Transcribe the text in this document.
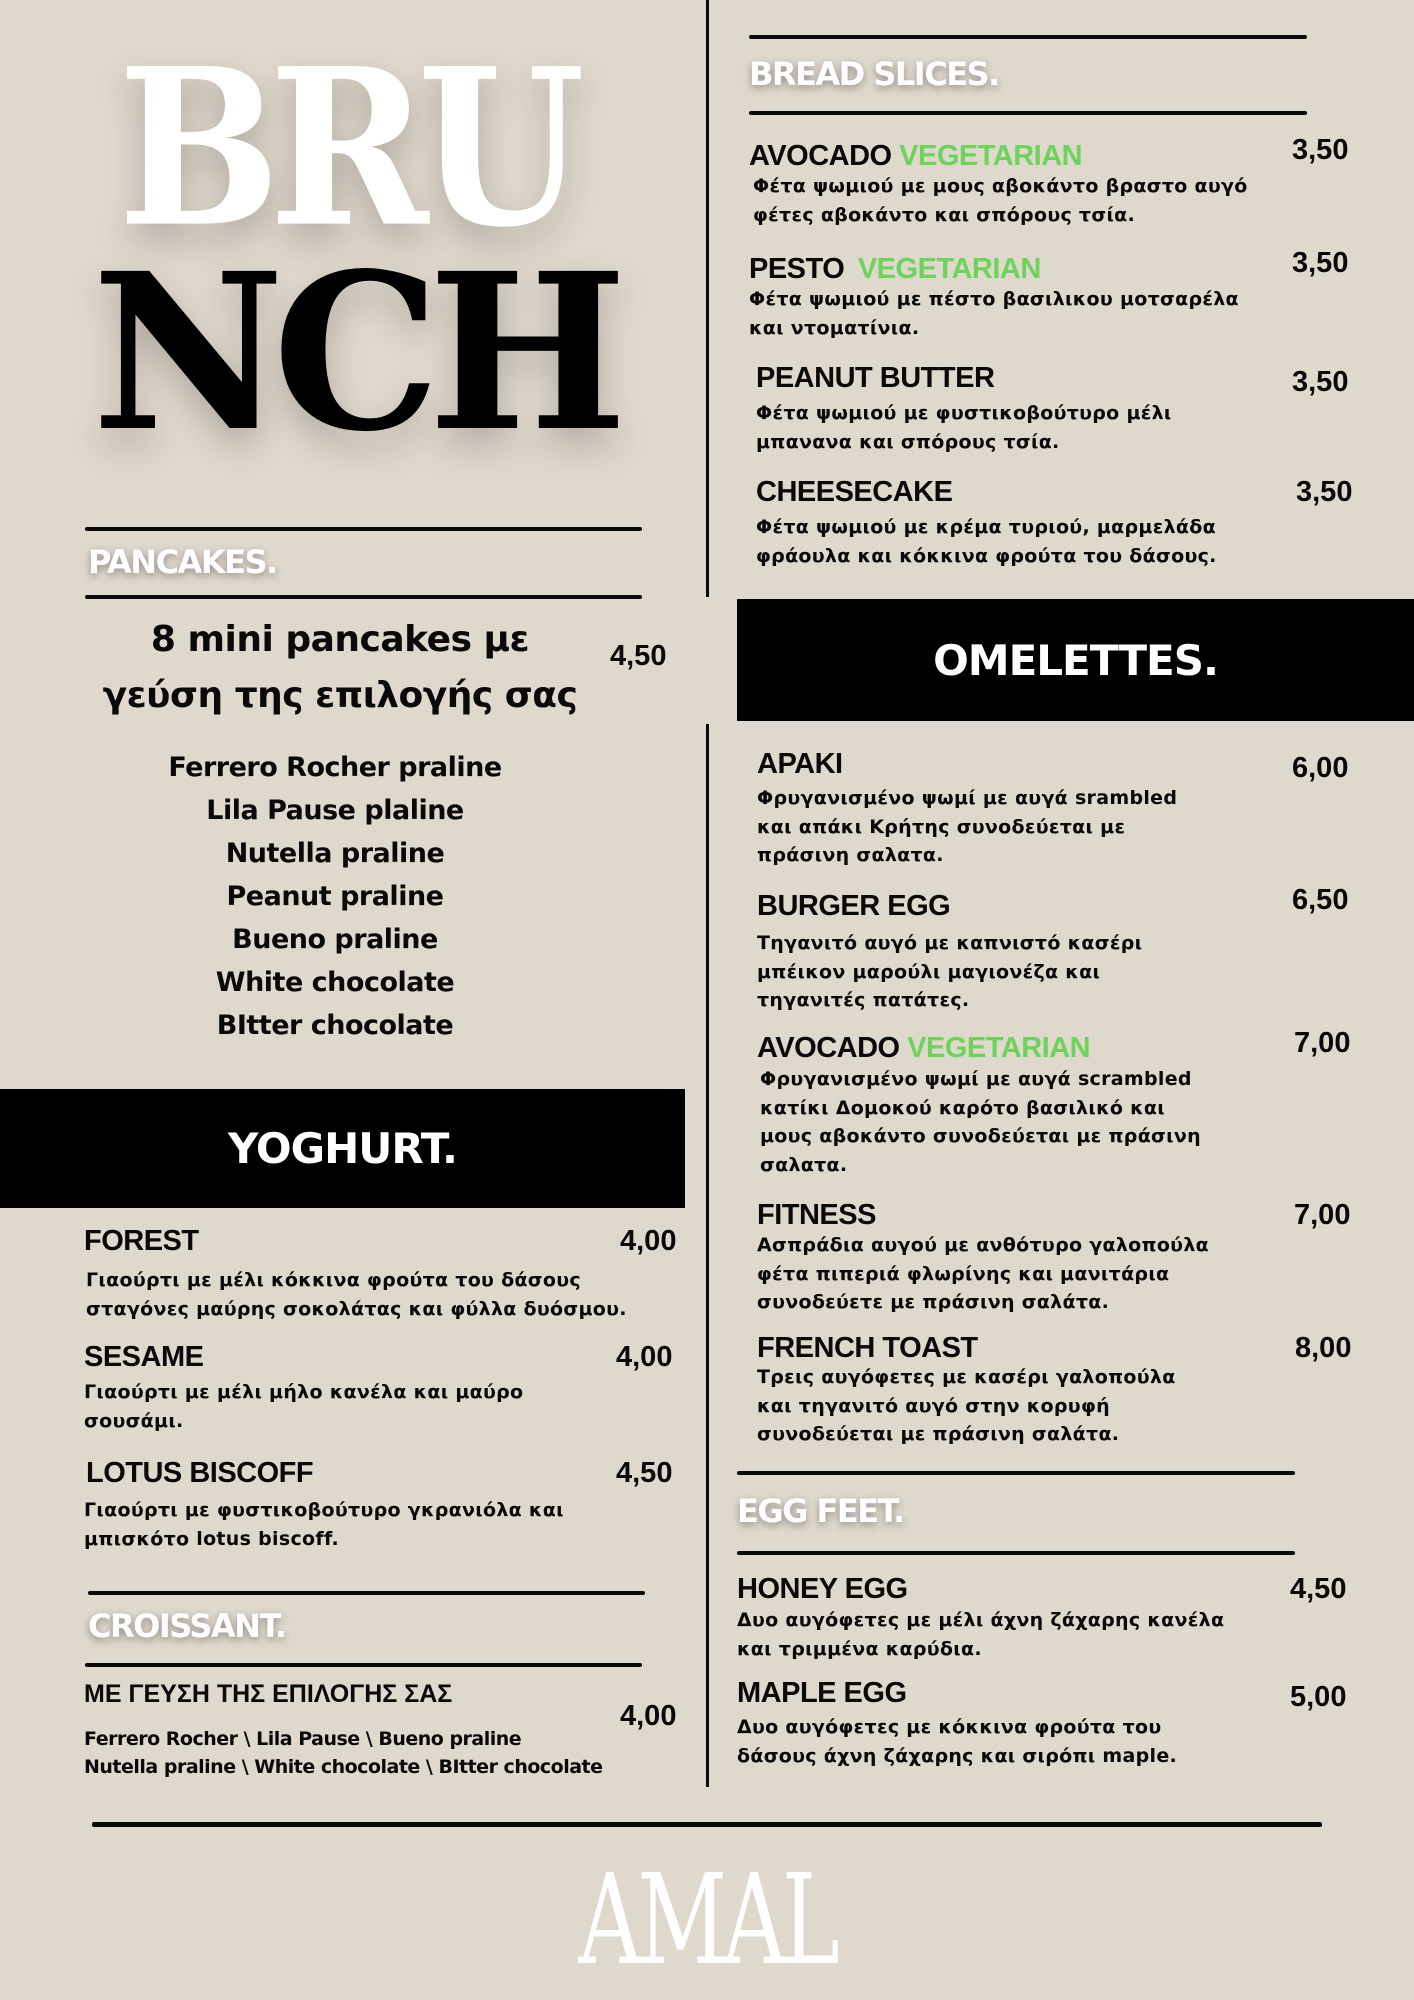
BRU
NCH
PANCAKES.
8 mini pancakes με
γεύση της επιλογής σας
4,50
Ferrero Rocher praline
Lila Pause plaline
Nutella praline
Peanut praline
Bueno praline
White chocolate
BItter chocolate
YOGHURT.
FOREST	4,00
Γιαούρτι με μέλι κόκκινα φρούτα του δάσους
σταγόνες μαύρης σοκολάτας και φύλλα δυόσμου.
SESAME	4,00
Γιαούρτι με μέλι μήλο κανέλα και μαύρο
σουσάμι.
LOTUS BISCOFF	4,50
Γιαούρτι με φυστικοβούτυρο γκρανιόλα και
μπισκότο lotus biscoff.
CROISSANT.
ΜΕ ΓΕΥΣΗ ΤΗΣ ΕΠΙΛΟΓΗΣ ΣΑΣ
4,00
Ferrero Rocher \ Lila Pause \ Bueno praline
Nutella praline \ White chocolate \ BItter chocolate
BREAD SLICES.
AVOCADO VEGETARIAN	3,50
Φέτα ψωμιού με μους αβοκάντο βραστο αυγό
φέτες αβοκάντο και σπόρους τσία.
PESTO VEGETARIAN	3,50
Φέτα ψωμιού με πέστο βασιλικου μοτσαρέλα
και ντοματίνια.
PEANUT BUTTER	3,50
Φέτα ψωμιού με φυστικοβούτυρο μέλι
μπανανα και σπόρους τσία.
CHEESECAKE	3,50
Φέτα ψωμιού με κρέμα τυριού, μαρμελάδα
φράουλα και κόκκινα φρούτα του δάσους.
OMELETTES.
APAKI	6,00
Φρυγανισμένο ψωμί με αυγά srambled
και απάκι Κρήτης συνοδεύεται με
πράσινη σαλατα.
BURGER EGG	6,50
Τηγανιτό αυγό με καπνιστό κασέρι
μπέικον μαρούλι μαγιονέζα και
τηγανιτές πατάτες.
AVOCADO VEGETARIAN	7,00
Φρυγανισμένο ψωμί με αυγά scrambled
κατίκι Δομοκού καρότο βασιλικό και
μους αβοκάντο συνοδεύεται με πράσινη
σαλατα.
FITNESS	7,00
Ασπράδια αυγού με ανθότυρο γαλοπούλα
φέτα πιπεριά φλωρίνης και μανιτάρια
συνοδεύετε με πράσινη σαλάτα.
FRENCH TOAST	8,00
Τρεις αυγόφετες με κασέρι γαλοπούλα
και τηγανιτό αυγό στην κορυφή
συνοδεύεται με πράσινη σαλάτα.
EGG FEET.
HONEY EGG	4,50
Δυο αυγόφετες με μέλι άχνη ζάχαρης κανέλα
και τριμμένα καρύδια.
MAPLE EGG	5,00
Δυο αυγόφετες με κόκκινα φρούτα του
δάσους άχνη ζάχαρης και σιρόπι maple.
AMAL
